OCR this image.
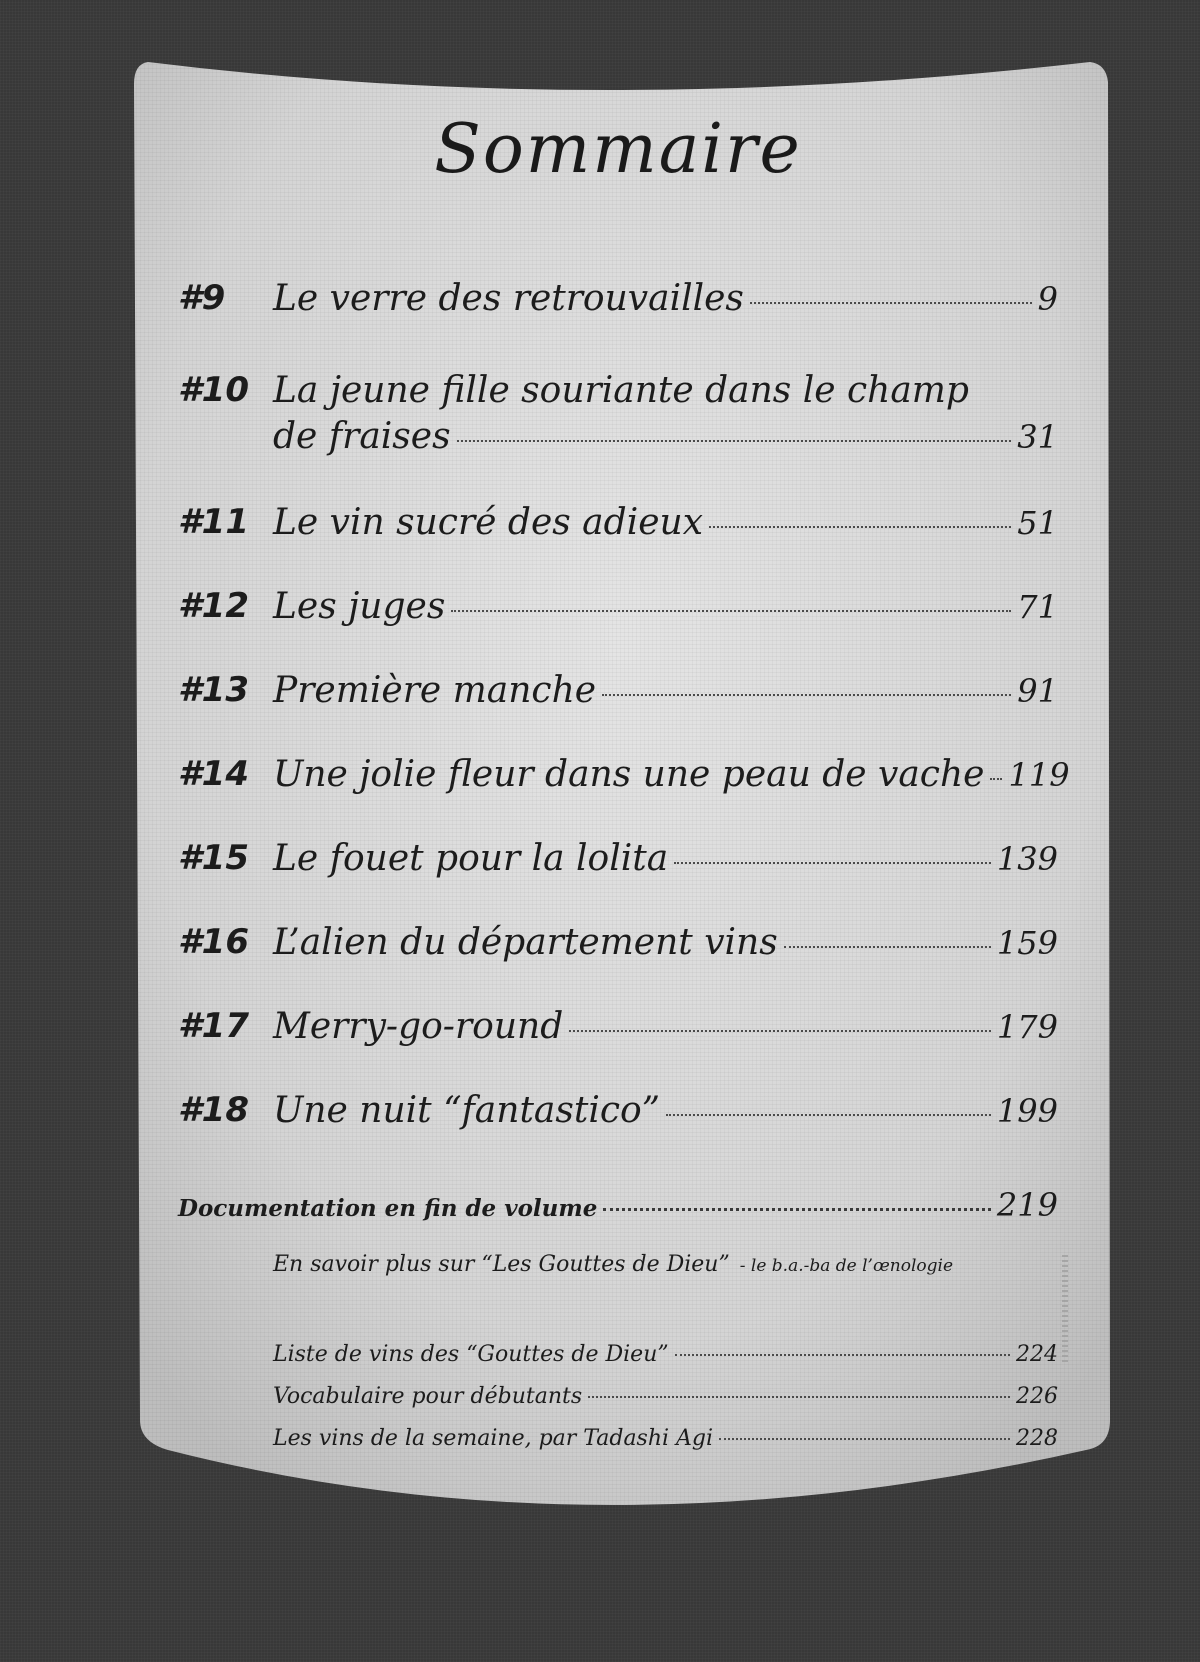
Sommaire
#9 Le verre des retrouvailles	9
#10 La jeune fille souriante dans le champ
de fraises	31
#11 Le vin sucré des adieux	51
#12 Les juges	71
#13 Première manche	91
#14 Une jolie fleur dans une peau de vache 119
#15 Le fouet pour la lolita	139
#16 L’alien du département vins	159
#17 Merry-go-round	179
#18 Une nuit “fantastico”	199
Documentation en fin de volume	219
En savoir plus sur “Les Gouttes de Dieu” - le b.a.-ba de l’œnologie
Liste de vins des “Gouttes de Dieu”	224
Vocabulaire pour débutants	226
Les vins de la semaine, par Tadashi Agi	228
